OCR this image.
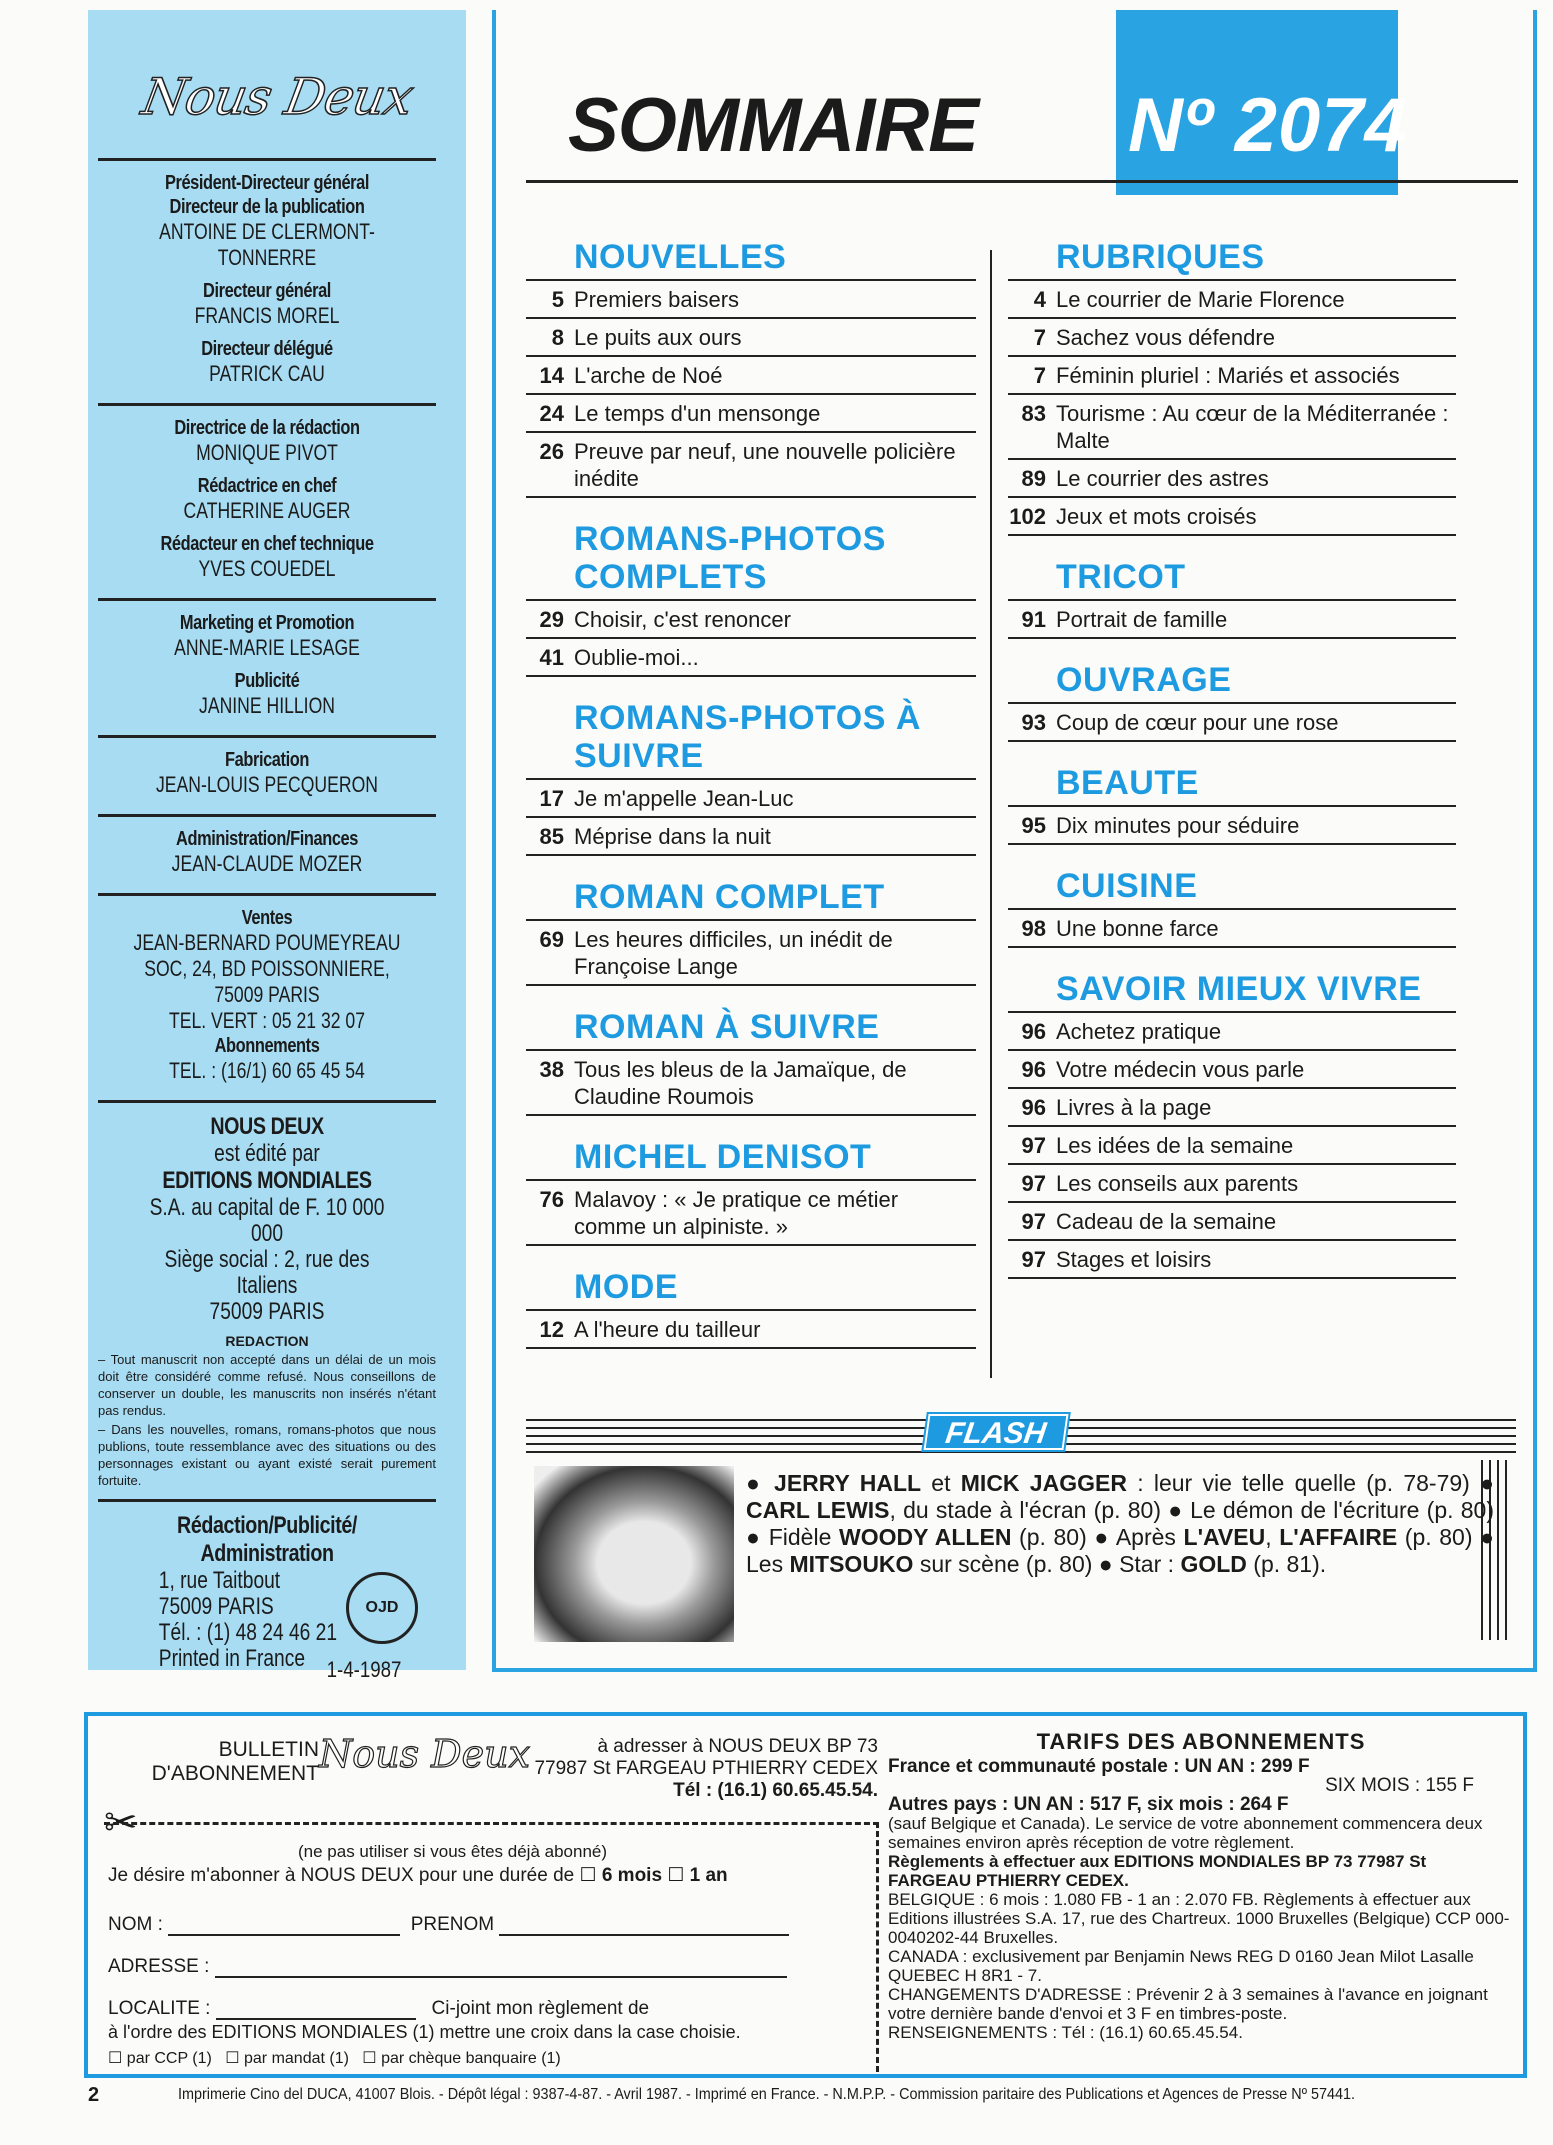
Nous Deux
Président-Directeur général
Directeur de la publication
ANTOINE DE CLERMONT-TONNERRE
Directeur général
FRANCIS MOREL
Directeur délégué
PATRICK CAU
Directrice de la rédaction
MONIQUE PIVOT
Rédactrice en chef
CATHERINE AUGER
Rédacteur en chef technique
YVES COUEDEL
Marketing et Promotion
ANNE-MARIE LESAGE
Publicité
JANINE HILLION
Fabrication
JEAN-LOUIS PECQUERON
Administration/Finances
JEAN-CLAUDE MOZER
Ventes
JEAN-BERNARD POUMEYREAU
SOC, 24, BD POISSONNIERE, 75009 PARIS
TEL. VERT : 05 21 32 07
Abonnements
TEL. : (16/1) 60 65 45 54
NOUS DEUX
est édité par
EDITIONS MONDIALES
S.A. au capital de F. 10 000 000
Siège social : 2, rue des Italiens
75009 PARIS
REDACTION
– Tout manuscrit non accepté dans un délai de un mois doit être considéré comme refusé. Nous conseillons de conserver un double, les manuscrits non insérés n'étant pas rendus.
– Dans les nouvelles, romans, romans-photos que nous publions, toute ressemblance avec des situations ou des personnages existant ou ayant existé serait purement fortuite.
Rédaction/Publicité/ Administration
1, rue Taitbout
75009 PARIS
Tél. : (1) 48 24 46 21
Printed in France
OJD
1-4-1987
SOMMAIRE Nº 2074
NOUVELLES
5 Premiers baisers
8 Le puits aux ours
14 L'arche de Noé
24 Le temps d'un mensonge
26 Preuve par neuf, une nouvelle policière inédite
ROMANS-PHOTOS COMPLETS
29 Choisir, c'est renoncer
41 Oublie-moi...
ROMANS-PHOTOS À SUIVRE
17 Je m'appelle Jean-Luc
85 Méprise dans la nuit
ROMAN COMPLET
69 Les heures difficiles, un inédit de Françoise Lange
ROMAN À SUIVRE
38 Tous les bleus de la Jamaïque, de Claudine Roumois
MICHEL DENISOT
76 Malavoy : « Je pratique ce métier comme un alpiniste. »
MODE
12 A l'heure du tailleur
RUBRIQUES
4 Le courrier de Marie Florence
7 Sachez vous défendre
7 Féminin pluriel : Mariés et associés
83 Tourisme : Au cœur de la Méditerranée : Malte
89 Le courrier des astres
102 Jeux et mots croisés
TRICOT
91 Portrait de famille
OUVRAGE
93 Coup de cœur pour une rose
BEAUTE
95 Dix minutes pour séduire
CUISINE
98 Une bonne farce
SAVOIR MIEUX VIVRE
96 Achetez pratique
96 Votre médecin vous parle
96 Livres à la page
97 Les idées de la semaine
97 Les conseils aux parents
97 Cadeau de la semaine
97 Stages et loisirs
FLASH
● JERRY HALL et MICK JAGGER : leur vie telle quelle (p. 78-79) ● CARL LEWIS, du stade à l'écran (p. 80) ● Le démon de l'écriture (p. 80) ● Fidèle WOODY ALLEN (p. 80) ● Après L'AVEU, L'AFFAIRE (p. 80) ● Les MITSOUKO sur scène (p. 80) ● Star : GOLD (p. 81).
BULLETIN D'ABONNEMENT Nous Deux	à adresser à NOUS DEUX BP 73
77987 St FARGEAU PTHIERRY CEDEX
Tél : (16.1) 60.65.45.54.
✂
(ne pas utiliser si vous êtes déjà abonné)
Je désire m'abonner à NOUS DEUX pour une durée de ☐ 6 mois ☐ 1 an
NOM :	PRENOM
ADRESSE :
LOCALITE :	Ci-joint mon règlement de
à l'ordre des EDITIONS MONDIALES (1) mettre une croix dans la case choisie.
☐ par CCP (1) ☐ par mandat (1) ☐ par chèque banquaire (1)
TARIFS DES ABONNEMENTS
France et communauté postale : UN AN : 299 F
SIX MOIS : 155 F
Autres pays : UN AN : 517 F, six mois : 264 F
(sauf Belgique et Canada). Le service de votre abonnement commencera deux semaines environ après réception de votre règlement.
Règlements à effectuer aux EDITIONS MONDIALES BP 73 77987 St FARGEAU PTHIERRY CEDEX.
BELGIQUE : 6 mois : 1.080 FB - 1 an : 2.070 FB. Règlements à effectuer aux Editions illustrées S.A. 17, rue des Chartreux. 1000 Bruxelles (Belgique) CCP 000-0040202-44 Bruxelles.
CANADA : exclusivement par Benjamin News REG D 0160 Jean Milot Lasalle QUEBEC H 8R1 - 7.
CHANGEMENTS D'ADRESSE : Prévenir 2 à 3 semaines à l'avance en joignant votre dernière bande d'envoi et 3 F en timbres-poste.
RENSEIGNEMENTS : Tél : (16.1) 60.65.45.54.
2	Imprimerie Cino del DUCA, 41007 Blois. - Dépôt légal : 9387-4-87. - Avril 1987. - Imprimé en France. - N.M.P.P. - Commission paritaire des Publications et Agences de Presse Nº 57441.
